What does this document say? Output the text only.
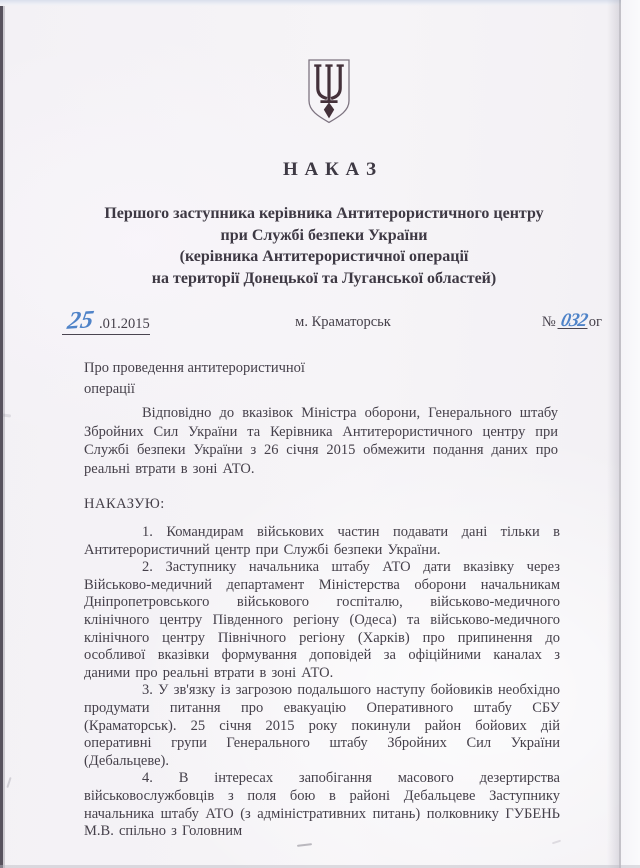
Н А К А З
Першого заступника керівника Антитерористичного центру
при Службі безпеки України
(керівника Антитерористичної операції
на території Донецької та Луганської областей)
25 .01.2015	м. Краматорськ	№ 032ог
Про проведення антитерористичної
операції

Відповідно до вказівок Міністра оборони, Генерального штабу Збройних Сил України та Керівника Антитерористичного центру при Службі безпеки України з 26 січня 2015 обмежити подання даних про реальні втрати в зоні АТО.

НАКАЗУЮ:

1. Командирам військових частин подавати дані тільки в Антитерористичний центр при Службі безпеки України.

2. Заступнику начальника штабу АТО дати вказівку через Військово-медичний департамент Міністерства оборони начальникам Дніпропетровського військового госпіталю, військово-медичного клінічного центру Південного регіону (Одеса) та військово-медичного клінічного центру Північного регіону (Харків) про припинення до особливої вказівки формування доповідей за офіційними каналах з даними про реальні втрати в зоні АТО.

3. У зв'язку із загрозою подальшого наступу бойовиків необхідно продумати питання про евакуацію Оперативного штабу СБУ (Краматорськ). 25 січня 2015 року покинули район бойових дій оперативні групи Генерального штабу Збройних Сил України (Дебальцеве).

4. В інтересах запобігання масового дезертирства військовослужбовців з поля бою в районі Дебальцеве Заступнику начальника штабу АТО (з адміністративних питань) полковнику ГУБЕНЬ М.В. спільно з Головним
